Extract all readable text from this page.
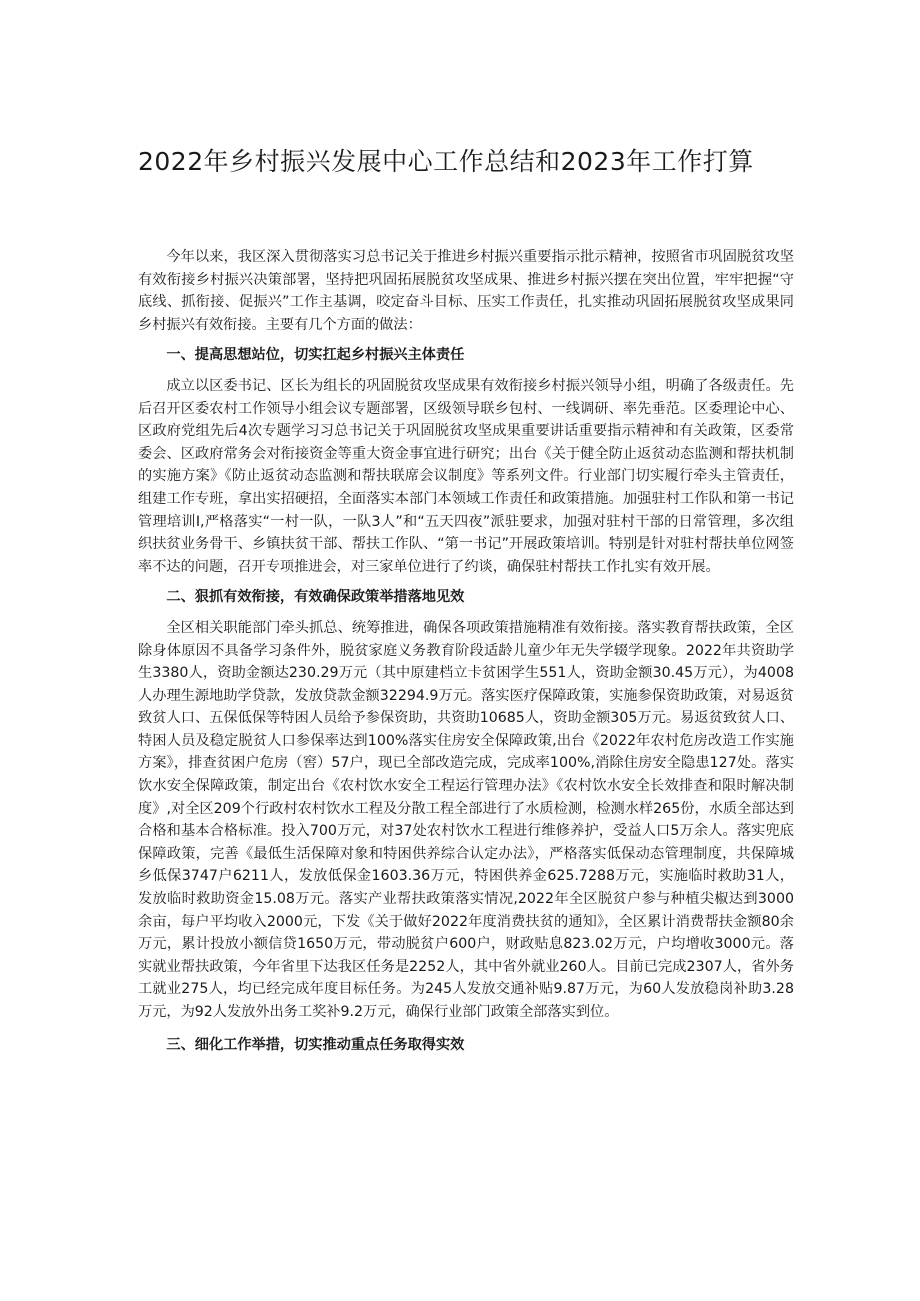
2022年乡村振兴发展中心工作总结和2023年工作打算

今年以来，我区深入贯彻落实习总书记关于推进乡村振兴重要指示批示精神，按照省市巩固脱贫攻坚有效衔接乡村振兴决策部署，坚持把巩固拓展脱贫攻坚成果、推进乡村振兴摆在突出位置，牢牢把握“守底线、抓衔接、促振兴”工作主基调，咬定奋斗目标、压实工作责任，扎实推动巩固拓展脱贫攻坚成果同乡村振兴有效衔接。主要有几个方面的做法：

一、提高思想站位，切实扛起乡村振兴主体责任

成立以区委书记、区长为组长的巩固脱贫攻坚成果有效衔接乡村振兴领导小组，明确了各级责任。先后召开区委农村工作领导小组会议专题部署，区级领导联乡包村、一线调研、率先垂范。区委理论中心、区政府党组先后4次专题学习习总书记关于巩固脱贫攻坚成果重要讲话重要指示精神和有关政策，区委常委会、区政府常务会对衔接资金等重大资金事宜进行研究；出台《关于健全防止返贫动态监测和帮扶机制的实施方案》《防止返贫动态监测和帮扶联席会议制度》等系列文件。行业部门切实履行牵头主管责任，组建工作专班，拿出实招硬招，全面落实本部门本领域工作责任和政策措施。加强驻村工作队和第一书记管理培训I,严格落实“一村一队，一队3人”和“五天四夜”派驻要求，加强对驻村干部的日常管理，多次组织扶贫业务骨干、乡镇扶贫干部、帮扶工作队、“第一书记”开展政策培训。特别是针对驻村帮扶单位网签率不达的问题，召开专项推进会，对三家单位进行了约谈，确保驻村帮扶工作扎实有效开展。

二、狠抓有效衔接，有效确保政策举措落地见效

全区相关职能部门牵头抓总、统筹推进，确保各项政策措施精准有效衔接。落实教育帮扶政策，全区除身体原因不具备学习条件外，脱贫家庭义务教育阶段适龄儿童少年无失学辍学现象。2022年共资助学生3380人，资助金额达230.29万元（其中原建档立卡贫困学生551人，资助金额30.45万元），为4008人办理生源地助学贷款，发放贷款金额32294.9万元。落实医疗保障政策，实施参保资助政策，对易返贫致贫人口、五保低保等特困人员给予参保资助，共资助10685人，资助金额305万元。易返贫致贫人口、特困人员及稳定脱贫人口参保率达到100%落实住房安全保障政策,出台《2022年农村危房改造工作实施方案》，排查贫困户危房（窖）57户，现已全部改造完成，完成率100%,消除住房安全隐患127处。落实饮水安全保障政策，制定出台《农村饮水安全工程运行管理办法》《农村饮水安全长效排查和限时解决制度》,对全区209个行政村农村饮水工程及分散工程全部进行了水质检测，检测水样265份，水质全部达到合格和基本合格标准。投入700万元，对37处农村饮水工程进行维修养护，受益人口5万余人。落实兜底保障政策，完善《最低生活保障对象和特困供养综合认定办法》，严格落实低保动态管理制度，共保障城乡低保3747户6211人，发放低保金1603.36万元，特困供养金625.7288万元，实施临时救助31人，发放临时救助资金15.08万元。落实产业帮扶政策落实情况,2022年全区脱贫户参与种植尖椒达到3000余亩，每户平均收入2000元，下发《关于做好2022年度消费扶贫的通知》，全区累计消费帮扶金额80余万元，累计投放小额信贷1650万元，带动脱贫户600户，财政贴息823.02万元，户均增收3000元。落实就业帮扶政策，今年省里下达我区任务是2252人，其中省外就业260人。目前已完成2307人，省外务工就业275人，均已经完成年度目标任务。为245人发放交通补贴9.87万元，为60人发放稳岗补助3.28万元，为92人发放外出务工奖补9.2万元，确保行业部门政策全部落实到位。

三、细化工作举措，切实推动重点任务取得实效
